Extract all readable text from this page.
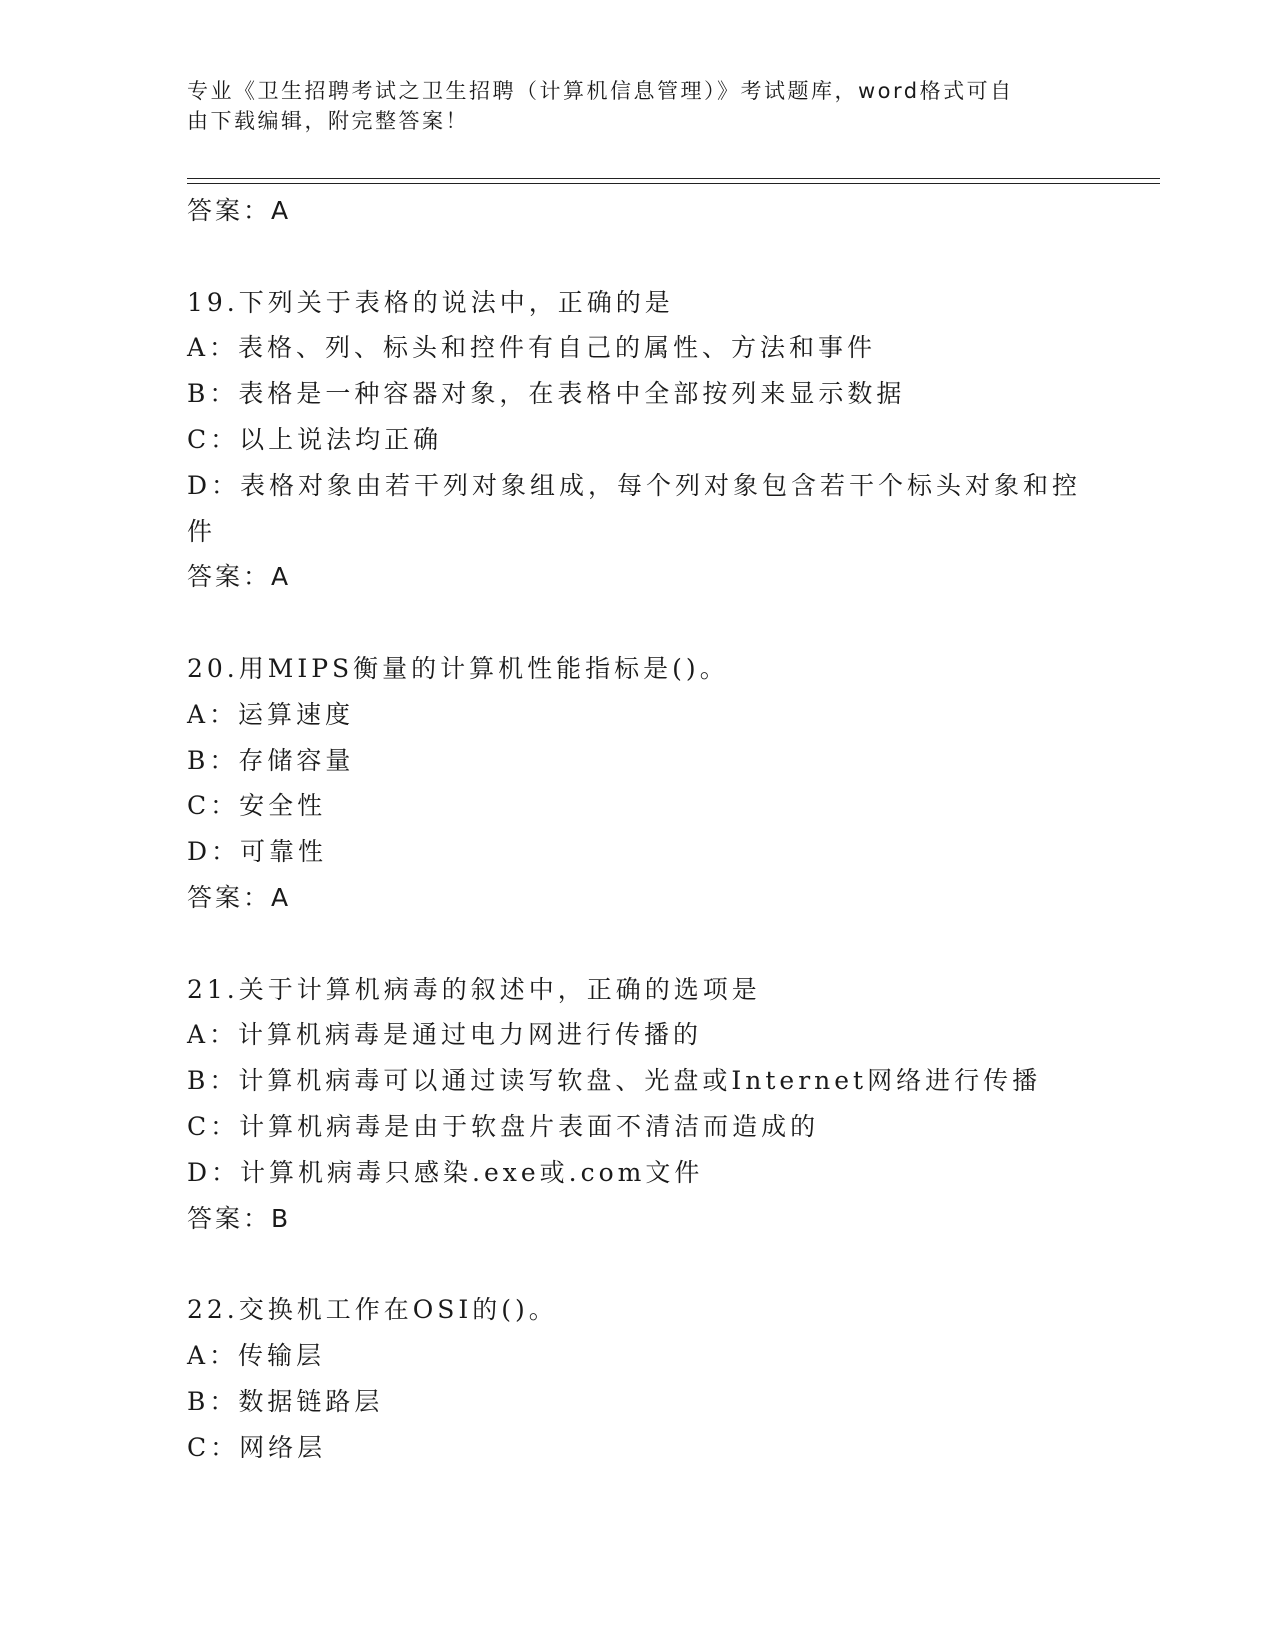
专业《卫生招聘考试之卫生招聘（计算机信息管理）》考试题库，word格式可自
由下载编辑，附完整答案！
答案：A
19.下列关于表格的说法中，正确的是
A：表格、列、标头和控件有自己的属性、方法和事件
B：表格是一种容器对象，在表格中全部按列来显示数据
C：以上说法均正确
D：表格对象由若干列对象组成，每个列对象包含若干个标头对象和控
件
答案：A
20.用MIPS衡量的计算机性能指标是()。
A：运算速度
B：存储容量
C：安全性
D：可靠性
答案：A
21.关于计算机病毒的叙述中，正确的选项是
A：计算机病毒是通过电力网进行传播的
B：计算机病毒可以通过读写软盘、光盘或Internet网络进行传播
C：计算机病毒是由于软盘片表面不清洁而造成的
D：计算机病毒只感染.exe或.com文件
答案：B
22.交换机工作在OSI的()。
A：传输层
B：数据链路层
C：网络层
